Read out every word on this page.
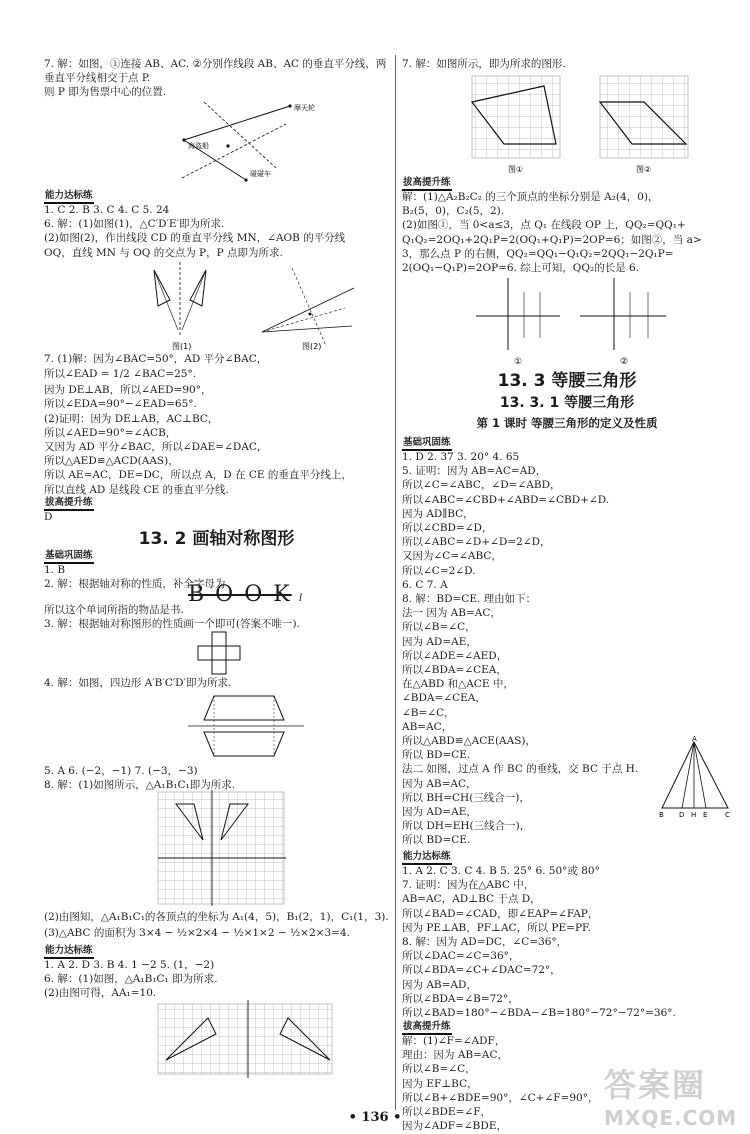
7. 解：如图，①连接 AB、AC. ②分别作线段 AB、AC 的垂直平分线，两

垂直平分线相交于点 P.

则 P 即为售票中心的位置.

摩天轮
海盗船
碰碰车
能力达标练

1. C 2. B 3. C 4. C 5. 24

6. 解：(1)如图(1)，△C′D′E′即为所求.

(2)如图(2)，作出线段 CD 的垂直平分线 MN，∠AOB 的平分线

OQ，直线 MN 与 OQ 的交点为 P，P 点即为所求.

图(1)	图(2)

7. (1)解：因为∠BAC=50°，AD 平分∠BAC，

所以∠EAD = 1/2 ∠BAC=25°.

因为 DE⊥AB，所以∠AED=90°，

所以∠EDA=90°−∠EAD=65°.

(2)证明：因为 DE⊥AB，AC⊥BC，

所以∠AED=90°=∠ACB，

又因为 AD 平分∠BAC，所以∠DAE=∠DAC，

所以△AED≌△ACD(AAS)，

所以 AE=AC，DE=DC，所以点 A，D 在 CE 的垂直平分线上，

所以直线 AD 是线段 CE 的垂直平分线.

拔高提升练

D

13. 2 画轴对称图形
基础巩固练

1. B

2. 解：根据轴对称的性质，补全字母为

B O O K l

所以这个单词所指的物品是书.

3. 解：根据轴对称图形的性质画一个即可(答案不唯一).

4. 解：如图，四边形 A′B′C′D′即为所求.

5. A 6. (−2，−1) 7. (−3，−3)

8. 解：(1)如图所示，△A₁B₁C₁即为所求.

(2)由图知，△A₁B₁C₁的各顶点的坐标为 A₁(4，5)，B₁(2，1)，C₁(1，3).

(3)△ABC 的面积为 3×4 − ½×2×4 − ½×1×2 − ½×2×3=4.

能力达标练

1. A 2. D 3. B 4. 1 −2 5. (1，−2)

6. 解：(1)如图，△A₁B₁C₁ 即为所求.

(2)由图可得，AA₁=10.

7. 解：如图所示，即为所求的图形.

图①	图②
拔高提升练

解：(1)△A₂B₂C₂ 的三个顶点的坐标分别是 A₂(4，0)，

B₂(5，0)，C₂(5，2).

(2)如图①，当 0<a≤3，点 Q₁ 在线段 OP 上，QQ₂=QQ₁+

Q₁Q₂=2OQ₁+2Q₁P=2(OQ₁+Q₁P)=2OP=6；如图②，当 a>

3，那么点 P 的右侧，QQ₂=QQ₁−Q₁Q₂=2QQ₁−2Q₁P=

2(OQ₁−Q₁P)=2OP=6. 综上可知，QQ₂的长是 6.

①	②
13. 3 等腰三角形
13. 3. 1 等腰三角形
第 1 课时 等腰三角形的定义及性质
基础巩固练

1. D 2. 37 3. 20° 4. 65

5. 证明：因为 AB=AC=AD，

所以∠C=∠ABC，∠D=∠ABD，

所以∠ABC=∠CBD+∠ABD=∠CBD+∠D.

因为 AD∥BC，

所以∠CBD=∠D，

所以∠ABC=∠D+∠D=2∠D，

又因为∠C=∠ABC，

所以∠C=2∠D.

6. C 7. A

8. 解：BD=CE. 理由如下：

法一 因为 AB=AC，

所以∠B=∠C，

因为 AD=AE，

所以∠ADE=∠AED，

所以∠BDA=∠CEA，

在△ABD 和△ACE 中，

∠BDA=∠CEA，

∠B=∠C，

AB=AC，

所以△ABD≌△ACE(AAS)，

所以 BD=CE.

法二 如图，过点 A 作 BC 的垂线，交 BC 于点 H.

因为 AB=AC，

所以 BH=CH(三线合一)，

因为 AD=AE，

所以 DH=EH(三线合一)，

所以 BD=CE.

A
B D H E	C
能力达标练

1. A 2. C 3. C 4. B 5. 25° 6. 50°或 80°

7. 证明：因为在△ABC 中，

AB=AC，AD⊥BC 于点 D，

所以∠BAD=∠CAD，即∠EAP=∠FAP，

因为 PE⊥AB，PF⊥AC，所以 PE=PF.

8. 解：因为 AD=DC，∠C=36°，

所以∠DAC=∠C=36°，

所以∠BDA=∠C+∠DAC=72°，

因为 AB=AD，

所以∠BDA=∠B=72°，

所以∠BAD=180°−∠BDA−∠B=180°−72°−72°=36°.

拔高提升练

解：(1)∠F=∠ADF，

理由：因为 AB=AC，

所以∠B=∠C，

因为 EF⊥BC，

所以∠B+∠BDE=90°，∠C+∠F=90°，

所以∠BDE=∠F，

因为∠ADF=∠BDE，

• 136 •
答案圈
MXQE.COM
